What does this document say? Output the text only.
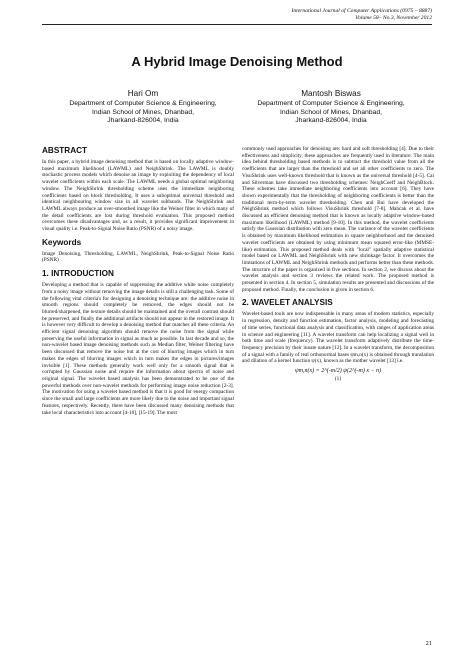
International Journal of Computer Applications (0975 – 8887)
Volume 58– No.3, November 2012
A Hybrid Image Denoising Method
Hari Om
Department of Computer Science & Engineering,
Indian School of Mines, Dhanbad,
Jharkand-826004, India
Mantosh Biswas
Department of Computer Science & Engineering,
Indian School of Mines, Dhanbad,
Jharkand-826004, India
ABSTRACT

In this paper, a hybrid image denoising method that is based on locally adaptive window-based maximum likelihood (LAWML) and NeighShrink. The LAWML is doubly stochastic process models which denoise an image by exploiting the dependency of local wavelet coefficients within each scale. The LAWML needs a global optimal neighboring window. The NeighShrink thresholding scheme uses the immediate neighboring coefficients based on block thresholding. It uses a suboptimal universal threshold and identical neighbouring window size in all wavelet subbands. The NeighShrink and LAWML always produce an over-smoothed image like the Weiner filter in which many of the detail coefficients are lost during threshold evaluation. This proposed method overcomes these disadvantages and, as a result, it provides significant improvement in visual quality i.e. Peak-to-Signal Noise Ratio (PSNR) of a noisy image.

Keywords

Image Denoising, Thresholding, LAWML, NeighShrink, Peak-to-Signal Noise Ratio (PSNR)

1. INTRODUCTION

Developing a method that is capable of suppressing the additive white noise completely from a noisy image without removing the image details is still a challenging task. Some of the following vital criteria's for designing a denoising technique are: the additive noise in smooth regions should completely be removed, the edges should not be blurred/sharpened, the texture details should be maintained and the overall contrast should be preserved, and finally the additional artifacts should not appear in the restored image. It is however very difficult to develop a denoising method that matches all these criteria. An efficient signal denoising algorithm should remove the noise from the signal while preserving the useful information in signal as much as possible. In last decade and so, the non-wavelet based image denoising methods such as Median filter, Weiner filtering have been discussed that remove the noise but at the cost of blurring images which in turn makes the edges of blurring images which in turn makes the edges in pictures/images invisible [1]. These methods generally work well only for a smooth signal that is corrupted by Gaussian noise and require the information about spectra of noise and original signal. The wavelet based analysis has been demonstrated to be one of the powerful methods over non-wavelet methods for performing image noise reduction [2-3]. The motivation for using a wavelet based method is that it is good for energy compaction since the small and large coefficients are more likely due to the noise and important signal features, respectively. Recently, there have been discussed many denoising methods that take local characteristics into account [4-10], [15-19]. The most

commonly used approaches for denoising are: hard and soft thresholding [4]. Due to their effectiveness and simplicity, these approaches are frequently used in literature. The main idea behind thresholding based methods is to subtract the threshold value from all the coefficients that are larger than the threshold and set all other coefficients to zero. The VisuShrink uses well-known threshold that is known as the universal threshold [4-5]. Cai and Silverman have discussed two thresholding schemes: NeighCoeff and NeighBlock. These schemes take immediate neighboring coefficients into account [6]. They have shown experimentally that the thresholding of neighboring coefficients is better than the traditional term-by-term wavelet thresholding. Chen and Bui have developed the NeighShrink method which follows VisuShrink threshold [7-8]. Mahcak et al. have discussed an efficient denoising method that is known as locally adaptive window-based maximum likelihood (LAWML) method [9-10]. In this method, the wavelet coefficients satisfy the Gaussian distribution with zero mean. The variance of the wavelet coefficients is obtained by maximum likelihood estimation in square neighborhood and the denoised wavelet coefficients are obtained by using minimum mean squared error-like (MMSE-like) estimation. This proposed method deals with "local" spatially adaptive statistical model based on LAWML and NeighShrink with new shrinkage factor. It overcomes the limitations of LAWML and NeighShrink methods and performs better than these methods. The structure of the paper is organized in five sections. In section 2, we discuss about the wavelet analysis and section 3 reviews the related work. The proposed method is presented in section 4. In section 5, simulation results are presented and discussions of the proposed method. Finally, the conclusion is given in section 6.

2. WAVELET ANALYSIS

Wavelet-based tools are now indispensable in many areas of modern statistics, especially in regression, density and function estimation, factor analysis, modeling and forecasting of time series, functional data analysis and classification, with ranges of application areas in science and engineering [11]. A wavelet transform can help localizing a signal well in both time and scale (frequency). The wavelet transform adaptively distribute the time-frequency precision by their innate nature [12]. In a wavelet transform, the decomposition of a signal with a family of real orthonormal bases ψm,n(x) is obtained through translation and dilation of a kernel function ψ(x), known as the mother wavelet [13] i.e.

ψm,n(x) = 2^(-m/2) ψ(2^(-m) x − n)
(1)
21
